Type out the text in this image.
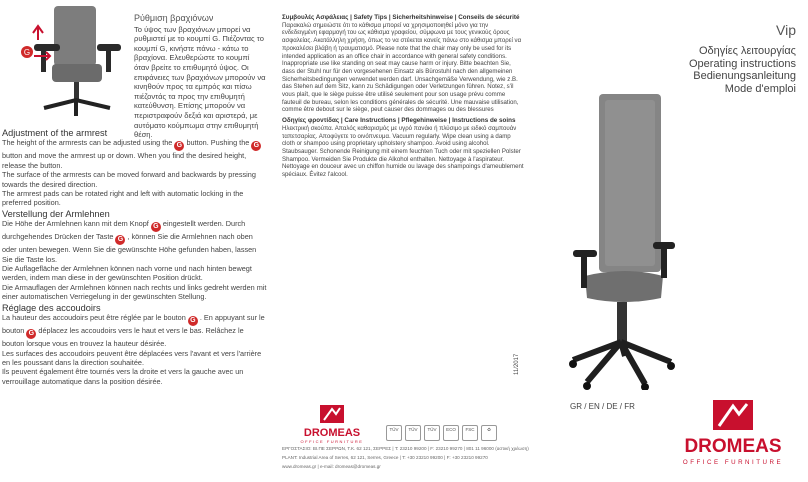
G
Ρύθμιση βραχιόνων
Το ύψος των βραχιόνων μπορεί να ρυθμιστεί με το κουμπί G. Πιέζοντας το κουμπί G, κινήστε πάνω - κάτω το βραχίονα. Ελευθερώστε το κουμπί όταν βρείτε το επιθυμητό ύψος. Οι επιφάνειες των βραχιόνων μπορούν να κινηθούν προς τα εμπρός και πίσω πιέζοντάς τα προς την επιθυμητή κατεύθυνση. Επίσης μπορούν να περιστραφούν δεξιά και αριστερά, με αυτόματο κούμπωμα στην επιθυμητή θέση.
Adjustment of the armrest

The height of the armrests can be adjusted using the G button. Pushing the G button and move the armrest up or down. When you find the desired height, release the button.

The surface of the armrests can be moved forward and backwards by pressing towards the desired direction.

The armrest pads can be rotated right and left with automatic locking in the preferred position.

Verstellung der Armlehnen

Die Höhe der Armlehnen kann mit dem Knopf G eingestellt werden. Durch durchgehendes Drücken der Taste G , können Sie die Armlehnen nach oben oder unten bewegen. Wenn Sie die gewünschte Höhe gefunden haben, lassen Sie die Taste los.

Die Auflagefläche der Armlehnen können nach vorne und nach hinten bewegt werden, indem man diese in der gewünschten Position drückt.

Die Armauflagen der Armlehnen können nach rechts und links gedreht werden mit einer automatischen Verriegelung in der gewünschten Stellung.

Réglage des accoudoirs

La hauteur des accoudoirs peut être réglée par le bouton G . En appuyant sur le bouton G déplacez les accoudoirs vers le haut et vers le bas. Relâchez le bouton lorsque vous en trouvez la hauteur désirée.

Les surfaces des accoudoirs peuvent être déplacées vers l'avant et vers l'arrière en les poussant dans la direction souhaitée.

Ils peuvent également être tournés vers la droite et vers la gauche avec un verrouillage automatique dans la position désirée.

Συμβουλές Ασφάλειας | Safety Tips | Sicherheitshinweise | Conseils de sécurité
Παρακαλώ σημειώστε ότι το κάθισμα μπορεί να χρησιμοποιηθεί μόνο για την ενδεδειγμένη εφαρμογή του ως κάθισμα γραφείου, σύμφωνα με τους γενικούς όρους ασφαλείας. Ακατάλληλη χρήση, όπως το να στέκεται κανείς πάνω στο κάθισμα μπορεί να προκαλέσει βλάβη ή τραυματισμό. Please note that the chair may only be used for its intended application as an office chair in accordance with general safety conditions. Inappropriate use like standing on seat may cause harm or injury. Bitte beachten Sie, dass der Stuhl nur für den vorgesehenen Einsatz als Bürostuhl nach den allgemeinen Sicherheitsbedingungen verwendet werden darf. Unsachgemäße Verwendung, wie z.B. das Stehen auf dem Sitz, kann zu Schädigungen oder Verletzungen führen. Notez, s'il vous plaît, que le siège puisse être utilisé seulement pour son usage prévu comme fauteuil de bureau, selon les conditions générales de sécurité. Une mauvaise utilisation, comme être debout sur le siège, peut causer des dommages ou des blessures
Οδηγίες φροντίδας | Care Instructions | Pflegehinweise | Instructions de soins
Ηλεκτρική σκούπα. Απαλός καθαρισμός με υγρό πανάκι ή πλύσιμο με ειδικό σαμπουάν ταπετσαρίας. Αποφύγετε το οινόπνευμα. Vacuum regularly. Wipe clean using a damp cloth or shampoo using proprietary upholstery shampoo. Avoid using alcohol. Staubsauger. Schonende Reinigung mit einem feuchten Tuch oder mit speziellen Polster Shampoo. Vermeiden Sie Produkte die Alkohol enthalten. Nettoyage à l'aspirateur. Nettoyage en douceur avec un chiffon humide ou lavage des shampoings d'ameublement spéciaux. Évitez l'alcool.
DROMEAS
OFFICE FURNITURE
TÜV	TÜV	TÜV	ECO	FSC	♻
ΕΡΓΟΣΤΑΣΙΟ: ΒΙ.ΠΕ ΣΕΡΡΩΝ, Τ.Κ. 62 121, ΣΕΡΡΕΣ | T: 23210 99200 | F: 23210 99270 | 801 11 96000 (αστική χρέωση)
PLANT: Industrial Area of Serres, 62 121, Serres, Greece | T: +30 23210 99200 | F: +30 23210 99270
www.dromeas.gr | e-mail: dromeas@dromeas.gr
11/2017
Vip
Οδηγίες λειτουργίας
Operating instructions
Bedienungsanleitung
Mode d'emploi
GR / EN / DE / FR
DROMEAS
OFFICE FURNITURE
